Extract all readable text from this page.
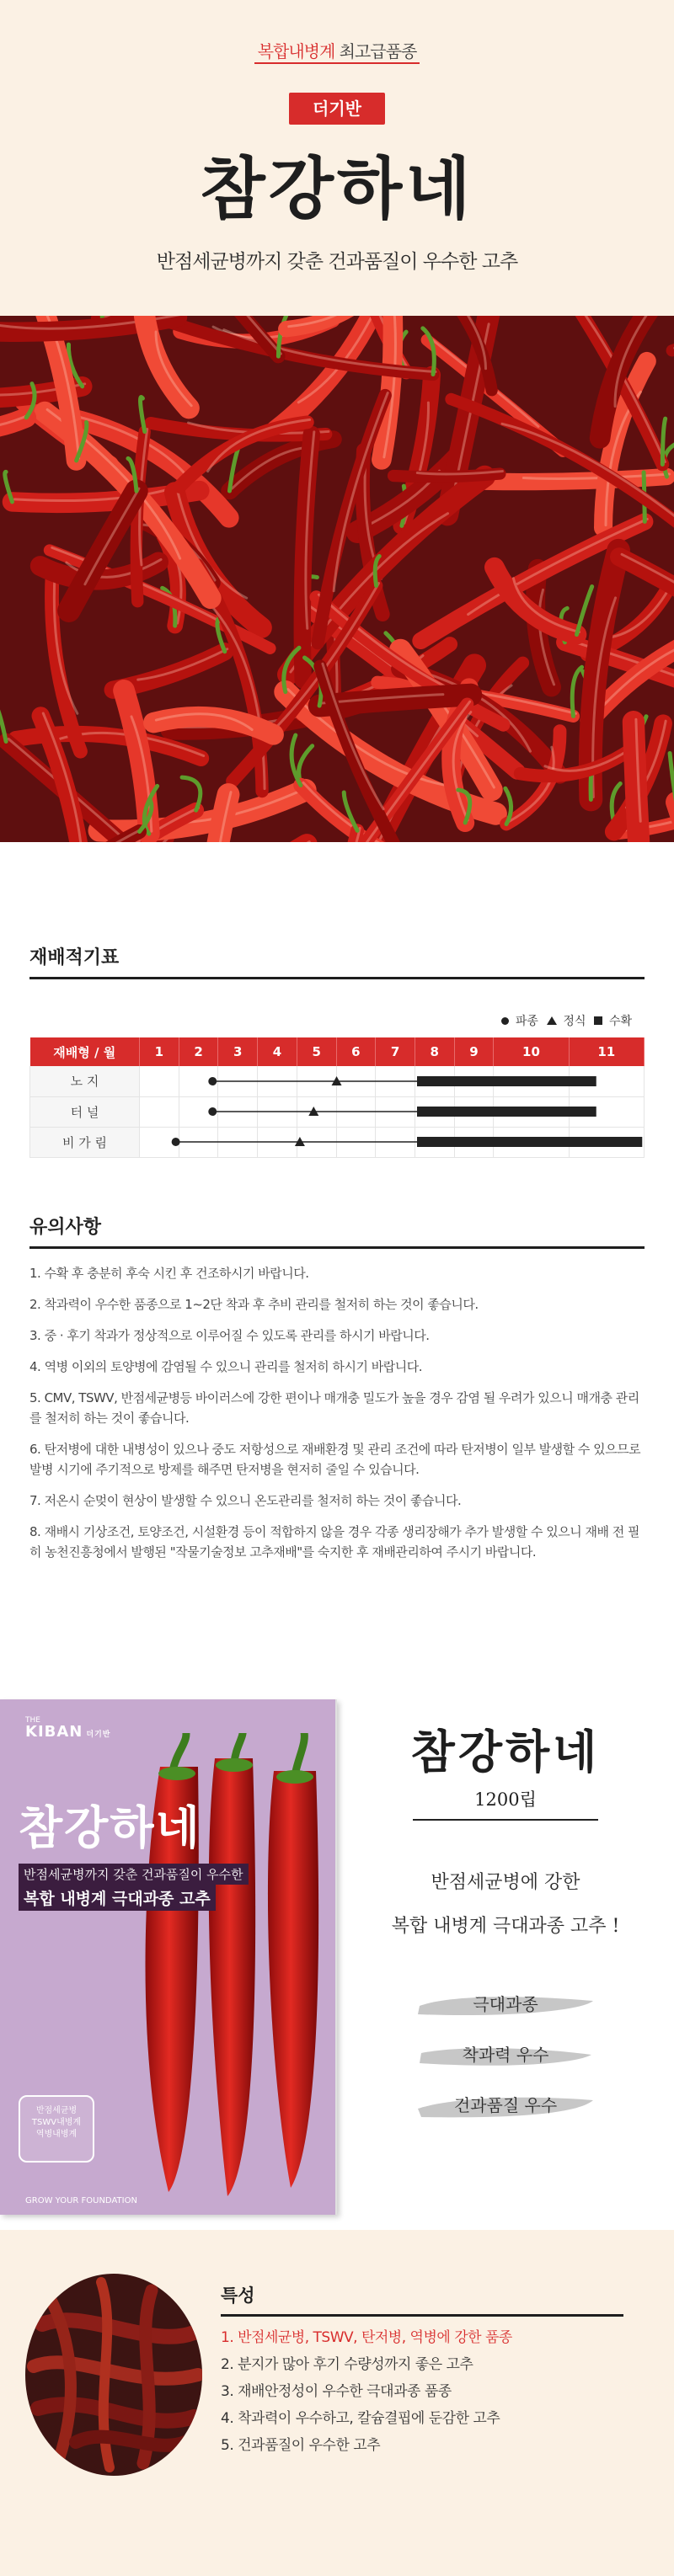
복합내병계 최고급품종
더기반
참강하네
반점세균병까지 갖춘 건과품질이 우수한 고추
재배적기표
파종	정식	수확
재배형 / 월	1	2	3	4	5	6	7	8	9	10	11
노 지											
터 널											
비 가 림											
유의사항
1. 수확 후 충분히 후숙 시킨 후 건조하시기 바랍니다.
2. 착과력이 우수한 품종으로 1~2단 착과 후 추비 관리를 철저히 하는 것이 좋습니다.
3. 중 · 후기 착과가 정상적으로 이루어질 수 있도록 관리를 하시기 바랍니다.
4. 역병 이외의 토양병에 감염될 수 있으니 관리를 철저히 하시기 바랍니다.
5. CMV, TSWV, 반점세균병등 바이러스에 강한 편이나 매개충 밀도가 높을 경우 감염 될 우려가 있으니 매개충 관리를 철저히 하는 것이 좋습니다.
6. 탄저병에 대한 내병성이 있으나 중도 저항성으로 재배환경 및 관리 조건에 따라 탄저병이 일부 발생할 수 있으므로 발병 시기에 주기적으로 방제를 해주면 탄저병을 현저히 줄일 수 있습니다.
7. 저온시 순멎이 현상이 발생할 수 있으니 온도관리를 철저히 하는 것이 좋습니다.
8. 재배시 기상조건, 토양조건, 시설환경 등이 적합하지 않을 경우 각종 생리장해가 추가 발생할 수 있으니 재배 전 필히 농천진흥청에서 발행된 "작물기술정보 고추재배"를 숙지한 후 재배관리하여 주시기 바랍니다.
THE
KIBAN 더기반
참강하네
반점세균병까지 갖춘 건과품질이 우수한
복합 내병계 극대과종 고추
반점세균병
TSWV내병계
역병내병계
GROW YOUR FOUNDATION
참강하네
1200립
반점세균병에 강한
복합 내병계 극대과종 고추 !
극대과종
착과력 우수
건과품질 우수
특성
1. 반점세균병, TSWV, 탄저병, 역병에 강한 품종
2. 분지가 많아 후기 수량성까지 좋은 고추
3. 재배안정성이 우수한 극대과종 품종
4. 착과력이 우수하고, 칼슘결핍에 둔감한 고추
5. 건과품질이 우수한 고추
